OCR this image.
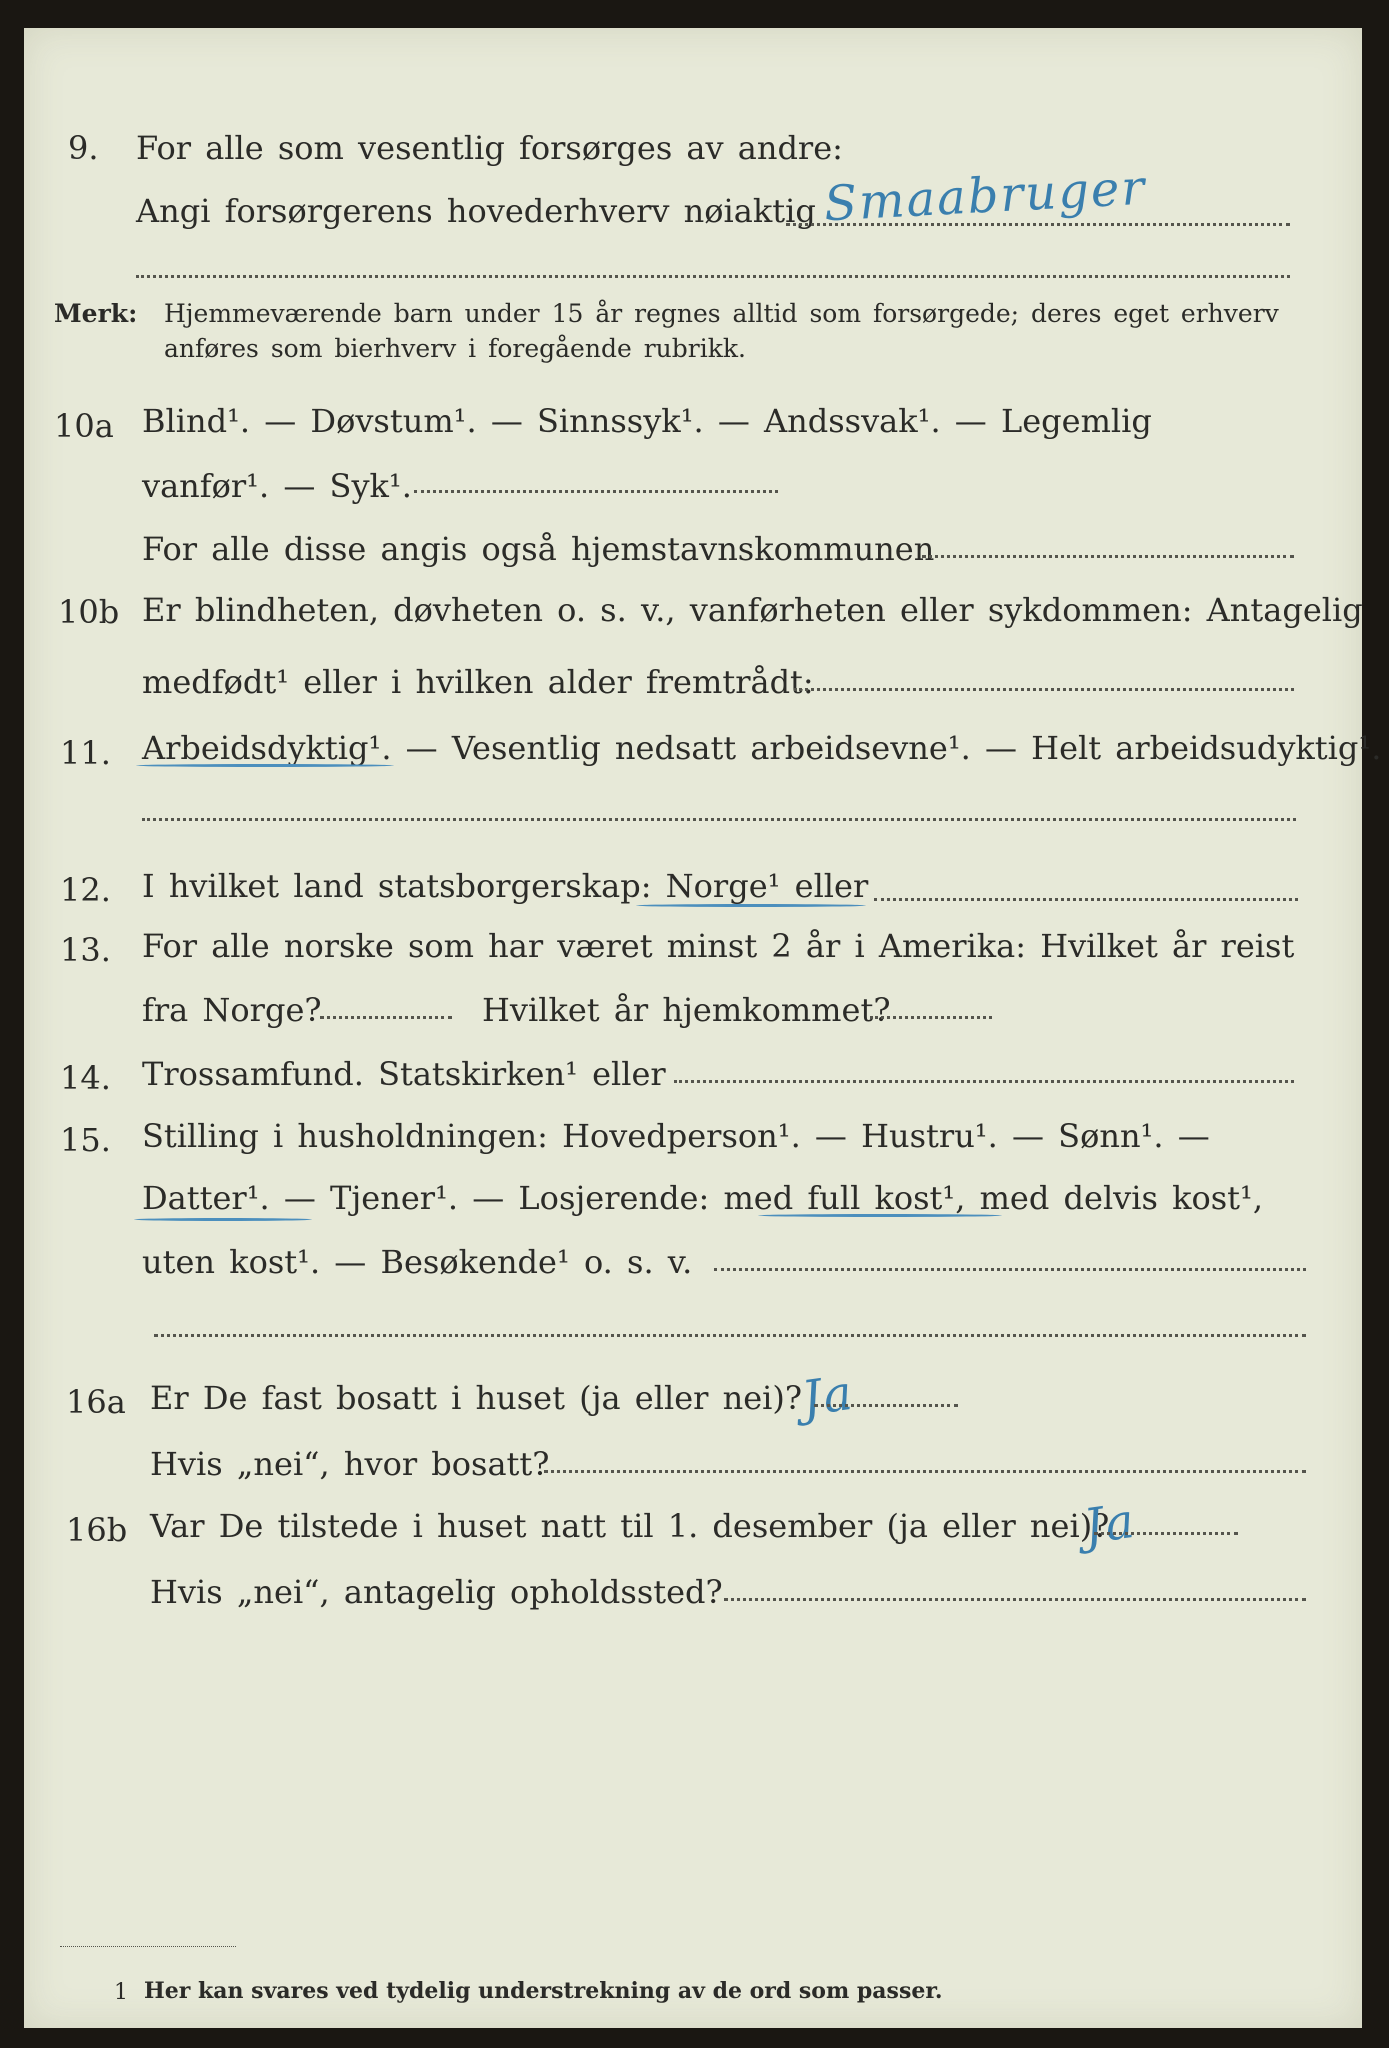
9. For alle som vesentlig forsørges av andre:
Angi forsørgerens hovederhverv nøiaktig Smaabruger
Merk: Hjemmeværende barn under 15 år regnes alltid som forsørgede; deres eget erhverv
anføres som bierhverv i foregående rubrikk.
10a Blind¹. — Døvstum¹. — Sinnssyk¹. — Andssvak¹. — Legemlig
vanfør¹. — Syk¹.
For alle disse angis også hjemstavnskommunen
10b Er blindheten, døvheten o. s. v., vanførheten eller sykdommen: Antagelig
medfødt¹ eller i hvilken alder fremtrådt:
11. Arbeidsdyktig¹. — Vesentlig nedsatt arbeidsevne¹. — Helt arbeidsudyktig¹.
12. I hvilket land statsborgerskap: Norge¹ eller
13. For alle norske som har været minst 2 år i Amerika: Hvilket år reist
fra Norge?	Hvilket år hjemkommet?
14. Trossamfund. Statskirken¹ eller
15. Stilling i husholdningen: Hovedperson¹. — Hustru¹. — Sønn¹. —
Datter¹. — Tjener¹. — Losjerende: med full kost¹, med delvis kost¹,
uten kost¹. — Besøkende¹ o. s. v.
16a Er De fast bosatt i huset (ja eller nei)?
Ja
Hvis „nei“, hvor bosatt?
16b Var De tilstede i huset natt til 1. desember (ja eller nei)?
Ja
Hvis „nei“, antagelig opholdssted?
1 Her kan svares ved tydelig understrekning av de ord som passer.
